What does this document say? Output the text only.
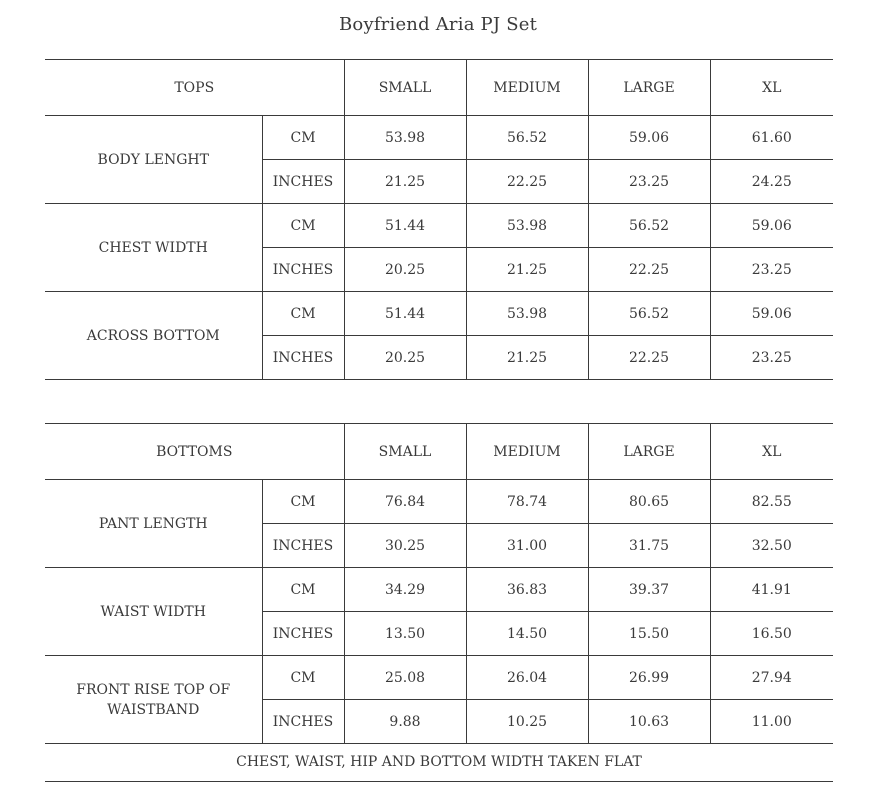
Boyfriend Aria PJ Set
TOPS		SMALL	MEDIUM	LARGE	XL
BODY LENGHT	CM	53.98	56.52	59.06	61.60
	INCHES	21.25	22.25	23.25	24.25
CHEST WIDTH	CM	51.44	53.98	56.52	59.06
	INCHES	20.25	21.25	22.25	23.25
ACROSS BOTTOM	CM	51.44	53.98	56.52	59.06
	INCHES	20.25	21.25	22.25	23.25
BOTTOMS		SMALL	MEDIUM	LARGE	XL
PANT LENGTH	CM	76.84	78.74	80.65	82.55
	INCHES	30.25	31.00	31.75	32.50
WAIST WIDTH	CM	34.29	36.83	39.37	41.91
	INCHES	13.50	14.50	15.50	16.50
FRONT RISE TOP OF WAISTBAND	CM	25.08	26.04	26.99	27.94
	INCHES	9.88	10.25	10.63	11.00
CHEST, WAIST, HIP AND BOTTOM WIDTH TAKEN FLAT
